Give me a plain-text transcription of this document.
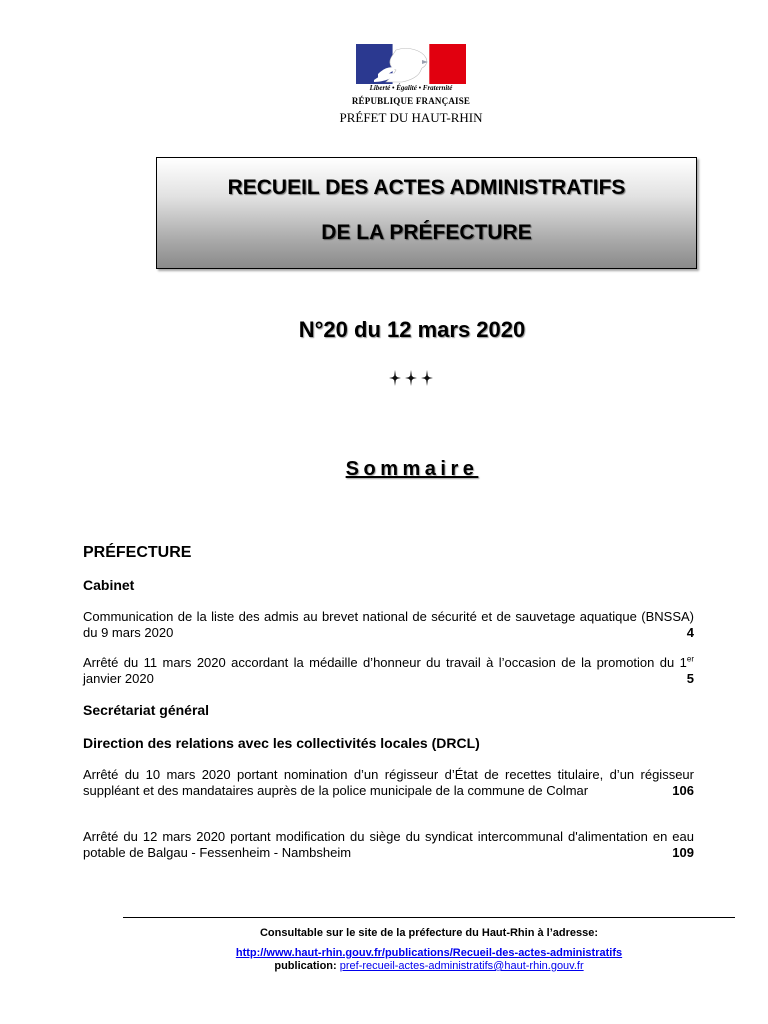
Liberté • Égalité • Fraternité
RÉPUBLIQUE FRANÇAISE
PRÉFET DU HAUT-RHIN
RECUEIL DES ACTES ADMINISTRATIFS
DE LA PRÉFECTURE
N°20 du 12 mars 2020
Sommaire
PRÉFECTURE
Cabinet
Communication de la liste des admis au brevet national de sécurité et de sauvetage aquatique (BNSSA) du 9 mars 2020	4
Arrêté du 11 mars 2020 accordant la médaille d’honneur du travail à l’occasion de la promotion du 1er janvier 2020	5
Secrétariat général
Direction des relations avec les collectivités locales (DRCL)
Arrêté du 10 mars 2020 portant nomination d’un régisseur d’État de recettes titulaire, d’un régisseur suppléant et des mandataires auprès de la police municipale de la commune de Colmar	106
Arrêté du 12 mars 2020 portant modification du siège du syndicat intercommunal d'alimentation en eau potable de Balgau - Fessenheim - Nambsheim	109
Consultable sur le site de la préfecture du Haut-Rhin à l’adresse:
http://www.haut-rhin.gouv.fr/publications/Recueil-des-actes-administratifs
publication: pref-recueil-actes-administratifs@haut-rhin.gouv.fr
